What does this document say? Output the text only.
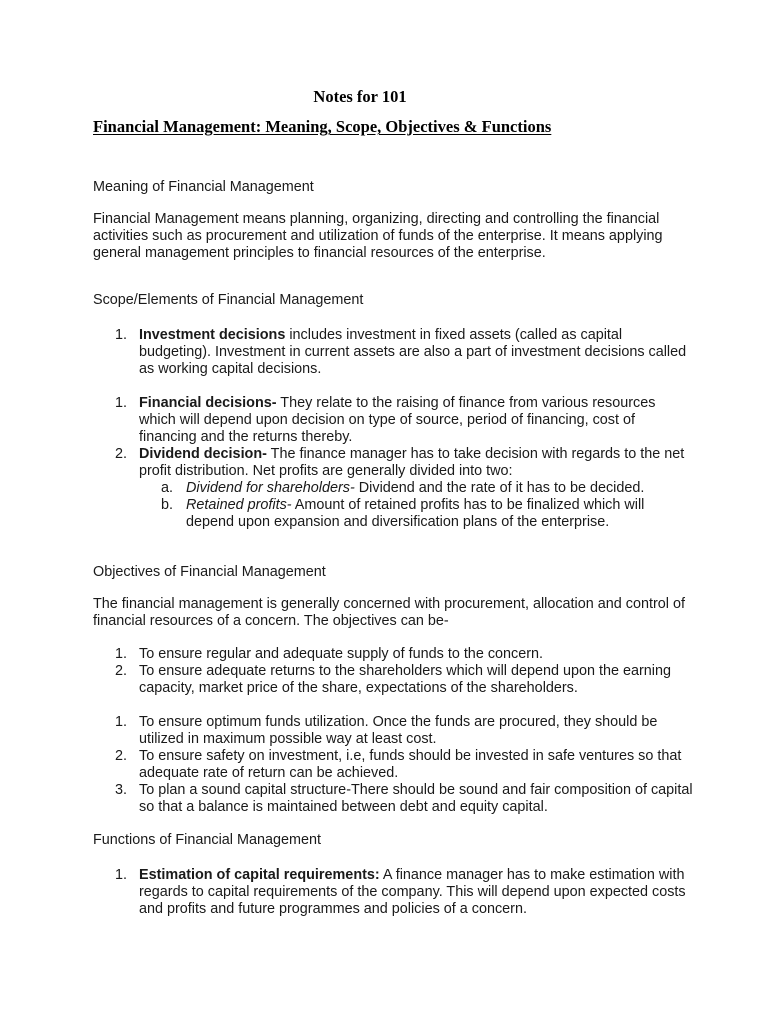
Notes for 101
Financial Management: Meaning, Scope, Objectives & Functions
Meaning of Financial Management

Financial Management means planning, organizing, directing and controlling the financial activities such as procurement and utilization of funds of the enterprise. It means applying general management principles to financial resources of the enterprise.

Scope/Elements of Financial Management
1. Investment decisions includes investment in fixed assets (called as capital budgeting). Investment in current assets are also a part of investment decisions called as working capital decisions.
1. Financial decisions- They relate to the raising of finance from various resources which will depend upon decision on type of source, period of financing, cost of financing and the returns thereby.
2. Dividend decision- The finance manager has to take decision with regards to the net profit distribution. Net profits are generally divided into two:
a. Dividend for shareholders- Dividend and the rate of it has to be decided.
b. Retained profits- Amount of retained profits has to be finalized which will depend upon expansion and diversification plans of the enterprise.
Objectives of Financial Management

The financial management is generally concerned with procurement, allocation and control of financial resources of a concern. The objectives can be-

1. To ensure regular and adequate supply of funds to the concern.
2. To ensure adequate returns to the shareholders which will depend upon the earning capacity, market price of the share, expectations of the shareholders.
1. To ensure optimum funds utilization. Once the funds are procured, they should be utilized in maximum possible way at least cost.
2. To ensure safety on investment, i.e, funds should be invested in safe ventures so that adequate rate of return can be achieved.
3. To plan a sound capital structure-There should be sound and fair composition of capital so that a balance is maintained between debt and equity capital.
Functions of Financial Management
1. Estimation of capital requirements: A finance manager has to make estimation with regards to capital requirements of the company. This will depend upon expected costs and profits and future programmes and policies of a concern.
